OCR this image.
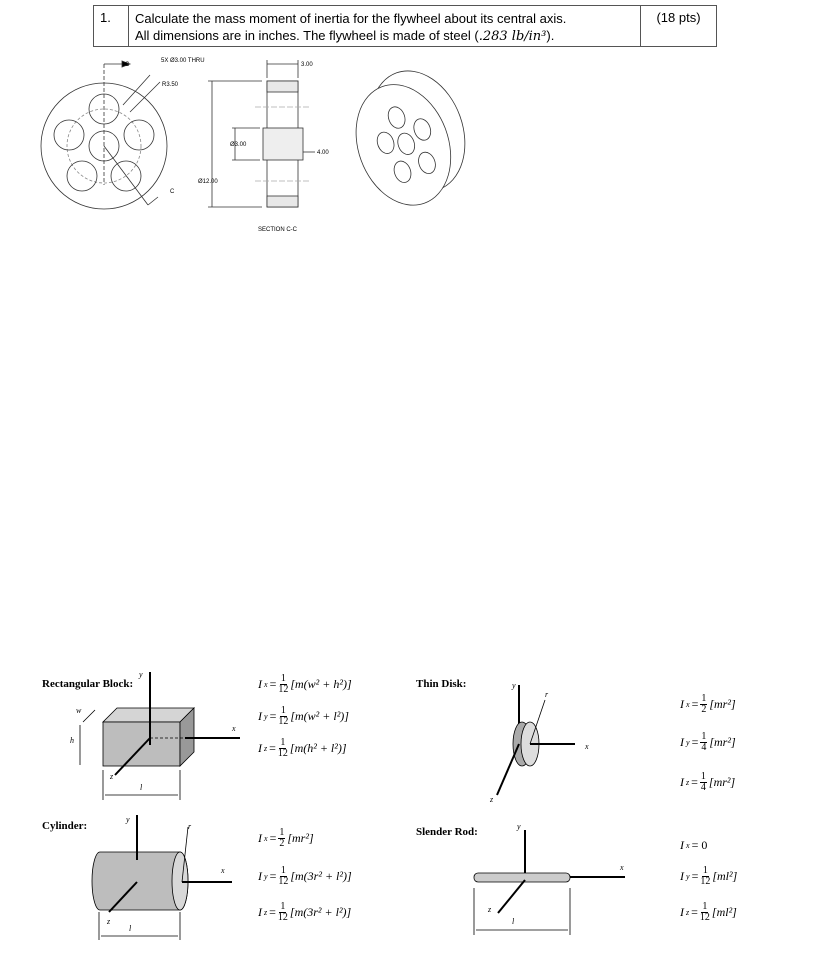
1.	Calculate the mass moment of inertia for the flywheel about its central axis.
All dimensions are in inches. The flywheel is made of steel (.283 lb/in³).
(18 pts)
C
C
5X Ø3.00 THRU
R3.50
3.00
Ø3.00
4.00
Ø12.00
SECTION C-C
y
x
z
w
h
l
y
x
z
r
y
x
z
r
l
y
x
z
l
Rectangular Block:	Thin Disk:
Cylinder:	Slender Rod:
I $x = \frac{1}{12} [m(w^2 + h^2)]$
I $y = \frac{1}{12} [m(w^2 + l^2)]$
I $z = \frac{1}{12} [m(h^2 + l^2)]$
I $x = \frac{1}{2} [mr^2]$
I $y = \frac{1}{4} [mr^2]$
I $z = \frac{1}{4} [mr^2]$
I $x = \frac{1}{2} [mr^2]$
I $y = \frac{1}{12} [m(3r^2 + l^2)]$
I $z = \frac{1}{12} [m(3r^2 + l^2)]$
I $y = \frac{1}{12} [ml^2]$
I $z = \frac{1}{12} [ml^2]$
I x = 0
